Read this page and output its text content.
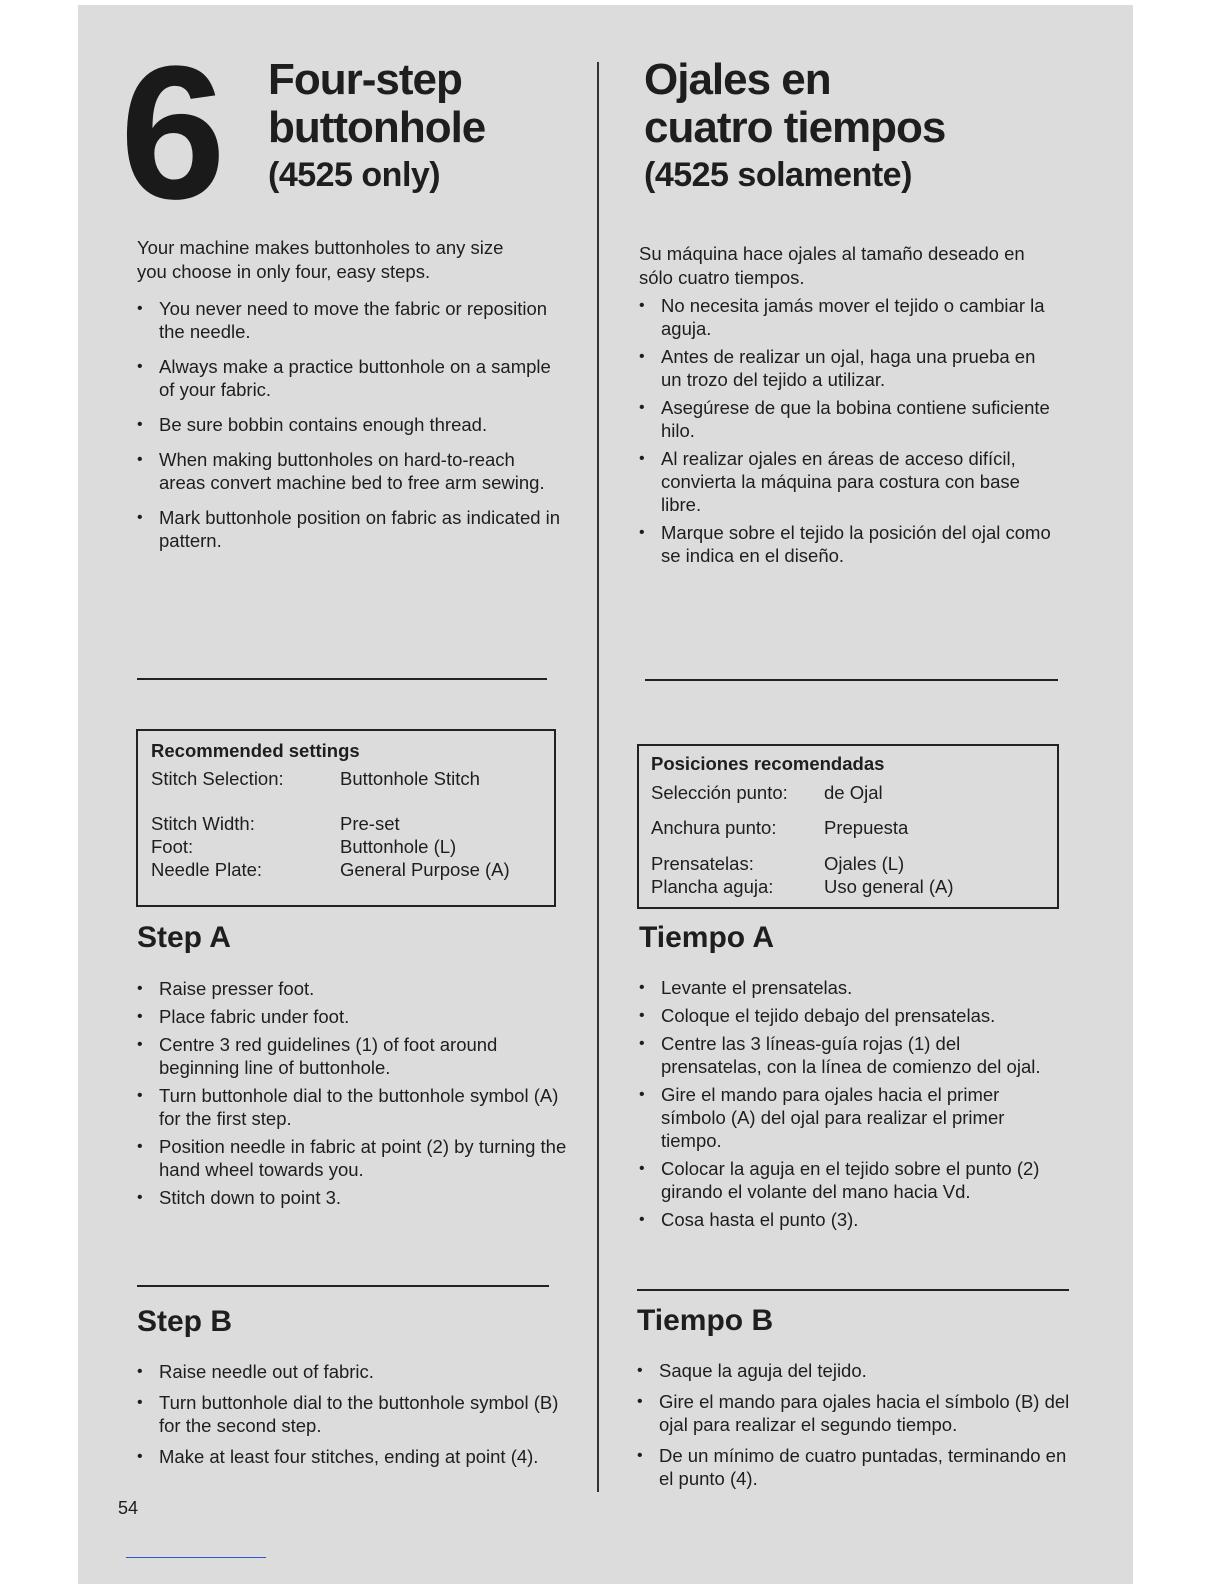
6 Four-step
buttonhole
(4525 only)
Ojales en
cuatro tiempos
(4525 solamente)
Your machine makes buttonholes to any size you choose in only four, easy steps.
• You never need to move the fabric or reposition the needle.
• Always make a practice buttonhole on a sample of your fabric.
• Be sure bobbin contains enough thread.
• When making buttonholes on hard-to-reach areas convert machine bed to free arm sewing.
• Mark buttonhole position on fabric as indicated in pattern.
Su máquina hace ojales al tamaño deseado en sólo cuatro tiempos.
• No necesita jamás mover el tejido o cambiar la aguja.
• Antes de realizar un ojal, haga una prueba en un trozo del tejido a utilizar.
• Asegúrese de que la bobina contiene suficiente hilo.
• Al realizar ojales en áreas de acceso difícil, convierta la máquina para costura con base libre.
• Marque sobre el tejido la posición del ojal como se indica en el diseño.
Recommended settings
Stitch Selection:	Buttonhole Stitch
Stitch Width:	Pre-set
Foot:	Buttonhole (L)
Needle Plate:	General Purpose (A)
Posiciones recomendadas
Selección punto:	de Ojal
Anchura punto:	Prepuesta
Prensatelas:	Ojales (L)
Plancha aguja:	Uso general (A)
Step A
• Raise presser foot.
• Place fabric under foot.
• Centre 3 red guidelines (1) of foot around beginning line of buttonhole.
• Turn buttonhole dial to the buttonhole symbol (A) for the first step.
• Position needle in fabric at point (2) by turning the hand wheel towards you.
• Stitch down to point 3.
Tiempo A
• Levante el prensatelas.
• Coloque el tejido debajo del prensatelas.
• Centre las 3 líneas-guía rojas (1) del prensatelas, con la línea de comienzo del ojal.
• Gire el mando para ojales hacia el primer símbolo (A) del ojal para realizar el primer tiempo.
• Colocar la aguja en el tejido sobre el punto (2) girando el volante del mano hacia Vd.
• Cosa hasta el punto (3).
Step B
• Raise needle out of fabric.
• Turn buttonhole dial to the buttonhole symbol (B) for the second step.
• Make at least four stitches, ending at point (4).
Tiempo B
• Saque la aguja del tejido.
• Gire el mando para ojales hacia el símbolo (B) del ojal para realizar el segundo tiempo.
• De un mínimo de cuatro puntadas, terminando en el punto (4).
54
